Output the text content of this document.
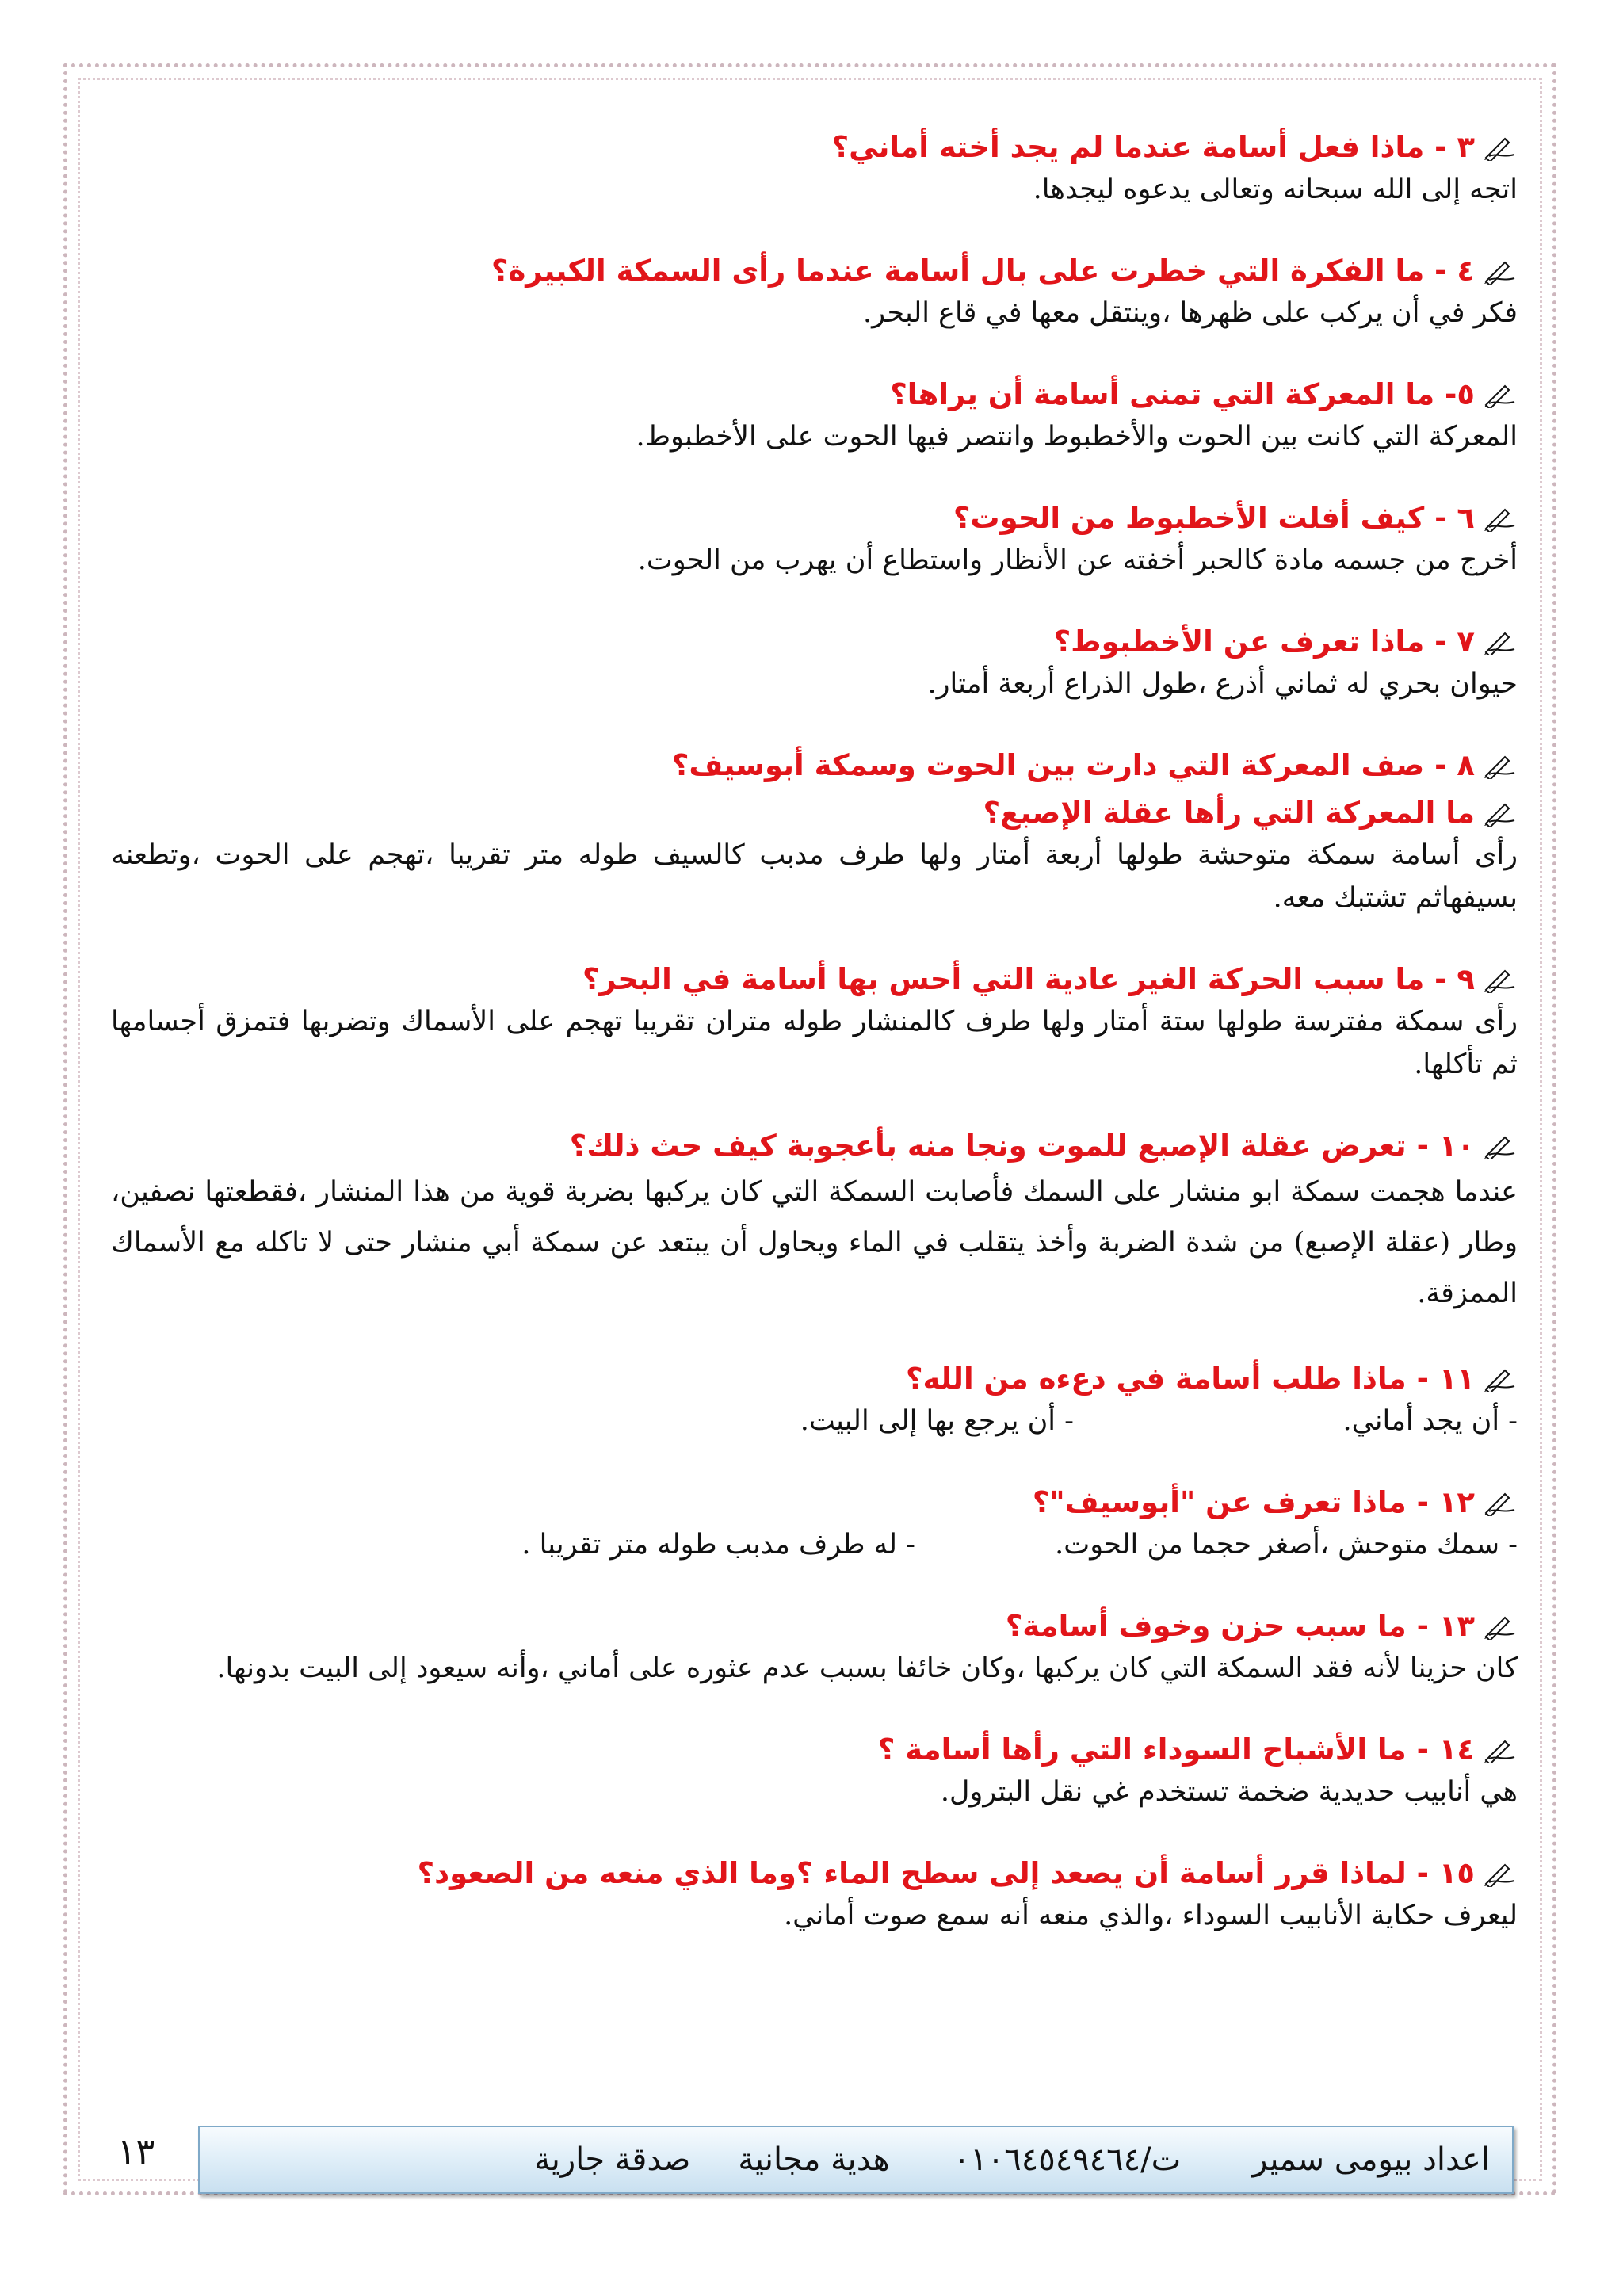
٣ - ماذا فعل أسامة عندما لم يجد أخته أماني؟
اتجه إلى الله سبحانه وتعالى يدعوه ليجدها.
٤ - ما الفكرة التي خطرت على بال أسامة عندما رأى السمكة الكبيرة؟
فكر في أن يركب على ظهرها ،وينتقل معها في قاع البحر.
٥- ما المعركة التي تمنى أسامة أن يراها؟
المعركة التي كانت بين الحوت والأخطبوط وانتصر فيها الحوت على الأخطبوط.
٦ - كيف أفلت الأخطبوط من الحوت؟
أخرج من جسمه مادة كالحبر أخفته عن الأنظار واستطاع أن يهرب من الحوت.
٧ - ماذا تعرف عن الأخطبوط؟
حيوان بحري له ثماني أذرع ،طول الذراع أربعة أمتار.
٨ - صف المعركة التي دارت بين الحوت وسمكة أبوسيف؟
ما المعركة التي رأها عقلة الإصبع؟
رأى أسامة سمكة متوحشة طولها أربعة أمتار ولها طرف مدبب كالسيف طوله متر تقريبا ،تهجم على الحوت ،وتطعنه بسيفهاثم تشتبك معه.
٩ - ما سبب الحركة الغير عادية التي أحس بها أسامة في البحر؟
رأى سمكة مفترسة طولها ستة أمتار ولها طرف كالمنشار طوله متران تقريبا تهجم على الأسماك وتضربها فتمزق أجسامها ثم تأكلها.
١٠ - تعرض عقلة الإصبع للموت ونجا منه بأعجوبة كيف حث ذلك؟
عندما هجمت سمكة ابو منشار على السمك فأصابت السمكة التي كان يركبها بضربة قوية من هذا المنشار ،فقطعتها نصفين، وطار (عقلة الإصبع) من شدة الضربة وأخذ يتقلب في الماء ويحاول أن يبتعد عن سمكة أبي منشار حتى لا تاكله مع الأسماك الممزقة.
١١ - ماذا طلب أسامة في دعءه من الله؟
- أن يجد أماني.
- أن يرجع بها إلى البيت.
١٢ - ماذا تعرف عن "أبوسيف"؟
- سمك متوحش ،أصغر حجما من الحوت.
- له طرف مدبب طوله متر تقريبا .
١٣ - ما سبب حزن وخوف أسامة؟
كان حزينا لأنه فقد السمكة التي كان يركبها ،وكان خائفا بسبب عدم عثوره على أماني ،وأنه سيعود إلى البيت بدونها.
١٤ - ما الأشباح السوداء التي رأها أسامة ؟
هي أنابيب حديدية ضخمة تستخدم غي نقل البترول.
١٥ - لماذا قرر أسامة أن يصعد إلى سطح الماء ؟وما الذي منعه من الصعود؟
ليعرف حكاية الأنابيب السوداء ،والذي منعه أنه سمع صوت أماني.
اعداد بيومى سمير
ت/٠١٠٦٤٥٤٩٤٦٤
هدية مجانية
صدقة جارية
١٣
